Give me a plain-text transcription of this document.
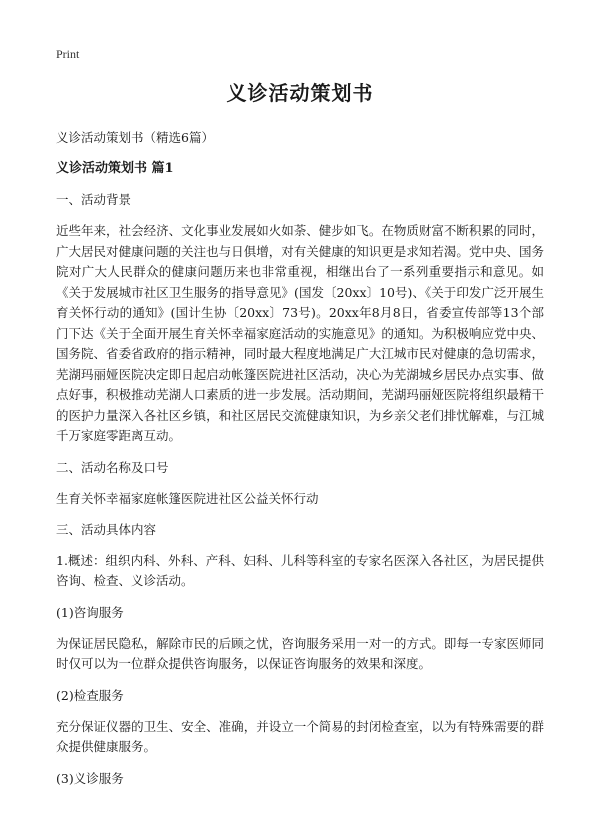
Print
义诊活动策划书

义诊活动策划书（精选6篇）

义诊活动策划书 篇1

一、活动背景

近些年来，社会经济、文化事业发展如火如荼、健步如飞。在物质财富不断积累的同时，广大居民对健康问题的关注也与日俱增，对有关健康的知识更是求知若渴。党中央、国务院对广大人民群众的健康问题历来也非常重视，相继出台了一系列重要指示和意见。如《关于发展城市社区卫生服务的指导意见》(国发〔20xx〕10号)、《关于印发广泛开展生育关怀行动的通知》(国计生协〔20xx〕73号)。20xx年8月8日，省委宣传部等13个部门下达《关于全面开展生育关怀幸福家庭活动的实施意见》的通知。为积极响应党中央、国务院、省委省政府的指示精神，同时最大程度地满足广大江城市民对健康的急切需求，芜湖玛丽娅医院决定即日起启动帐篷医院进社区活动，决心为芜湖城乡居民办点实事、做点好事，积极推动芜湖人口素质的进一步发展。活动期间，芜湖玛丽娅医院将组织最精干的医护力量深入各社区乡镇，和社区居民交流健康知识，为乡亲父老们排忧解难，与江城千万家庭零距离互动。

二、活动名称及口号

生育关怀幸福家庭帐篷医院进社区公益关怀行动

三、活动具体内容

1.概述：组织内科、外科、产科、妇科、儿科等科室的专家名医深入各社区，为居民提供咨询、检查、义诊活动。

(1)咨询服务

为保证居民隐私，解除市民的后顾之忧，咨询服务采用一对一的方式。即每一专家医师同时仅可以为一位群众提供咨询服务，以保证咨询服务的效果和深度。

(2)检查服务

充分保证仪器的卫生、安全、准确，并设立一个简易的封闭检查室，以为有特殊需要的群众提供健康服务。

(3)义诊服务
